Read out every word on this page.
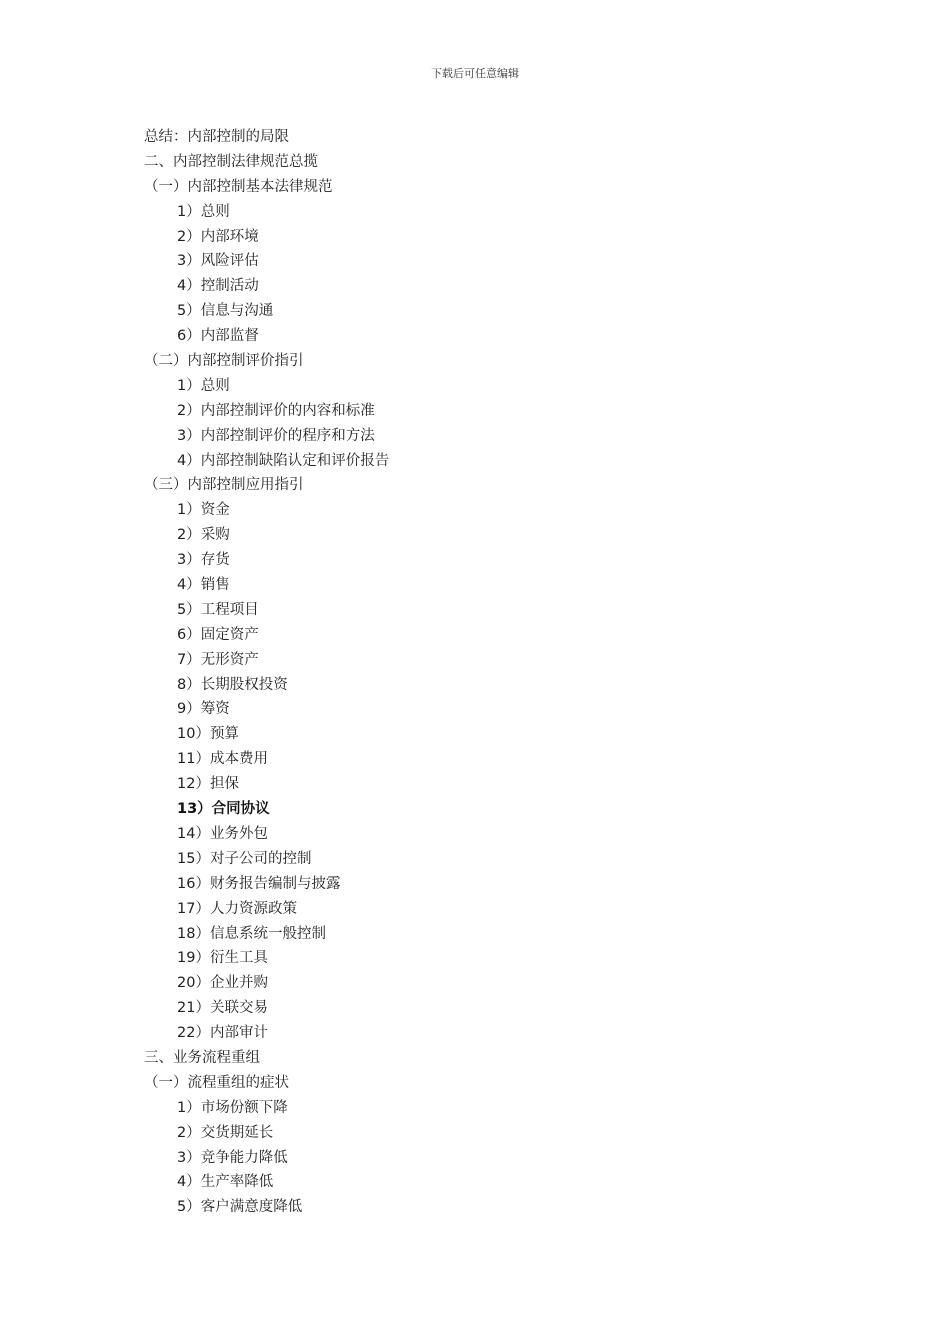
下载后可任意编辑
总结：内部控制的局限
二、内部控制法律规范总揽
（一）内部控制基本法律规范
1）总则
2）内部环境
3）风险评估
4）控制活动
5）信息与沟通
6）内部监督
（二）内部控制评价指引
1）总则
2）内部控制评价的内容和标准
3）内部控制评价的程序和方法
4）内部控制缺陷认定和评价报告
（三）内部控制应用指引
1）资金
2）采购
3）存货
4）销售
5）工程项目
6）固定资产
7）无形资产
8）长期股权投资
9）筹资
10）预算
11）成本费用
12）担保
13）合同协议
14）业务外包
15）对子公司的控制
16）财务报告编制与披露
17）人力资源政策
18）信息系统一般控制
19）衍生工具
20）企业并购
21）关联交易
22）内部审计
三、业务流程重组
（一）流程重组的症状
1）市场份额下降
2）交货期延长
3）竞争能力降低
4）生产率降低
5）客户满意度降低
